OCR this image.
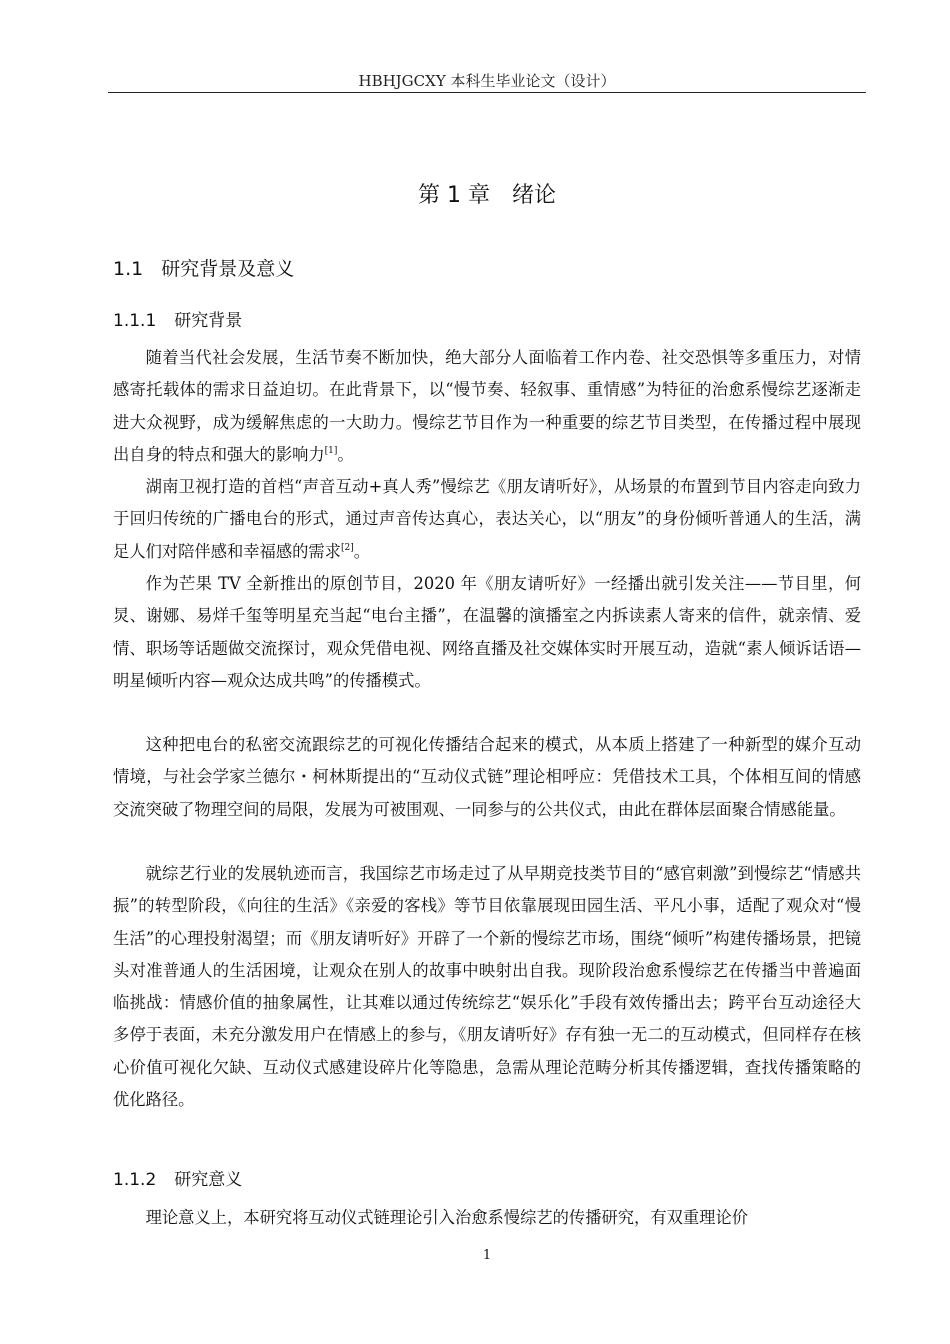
HBHJGCXY 本科生毕业论文（设计）
第 1 章　绪论
1.1 研究背景及意义
1.1.1 研究背景

随着当代社会发展，生活节奏不断加快，绝大部分人面临着工作内卷、社交恐惧等多重压力，对情感寄托载体的需求日益迫切。在此背景下，以“慢节奏、轻叙事、重情感”为特征的治愈系慢综艺逐渐走进大众视野，成为缓解焦虑的一大助力。慢综艺节目作为一种重要的综艺节目类型，在传播过程中展现出自身的特点和强大的影响力[1]。

湖南卫视打造的首档“声音互动+真人秀”慢综艺《朋友请听好》，从场景的布置到节目内容走向致力于回归传统的广播电台的形式，通过声音传达真心，表达关心，以“朋友”的身份倾听普通人的生活，满足人们对陪伴感和幸福感的需求[2]。

作为芒果 TV 全新推出的原创节目，2020 年《朋友请听好》一经播出就引发关注——节目里，何炅、谢娜、易烊千玺等明星充当起“电台主播”，在温馨的演播室之内拆读素人寄来的信件，就亲情、爱情、职场等话题做交流探讨，观众凭借电视、网络直播及社交媒体实时开展互动，造就“素人倾诉话语—明星倾听内容—观众达成共鸣”的传播模式。

这种把电台的私密交流跟综艺的可视化传播结合起来的模式，从本质上搭建了一种新型的媒介互动情境，与社会学家兰德尔・柯林斯提出的“互动仪式链”理论相呼应：凭借技术工具，个体相互间的情感交流突破了物理空间的局限，发展为可被围观、一同参与的公共仪式，由此在群体层面聚合情感能量。

就综艺行业的发展轨迹而言，我国综艺市场走过了从早期竞技类节目的“感官刺激”到慢综艺“情感共振”的转型阶段，《向往的生活》《亲爱的客栈》等节目依靠展现田园生活、平凡小事，适配了观众对“慢生活”的心理投射渴望；而《朋友请听好》开辟了一个新的慢综艺市场，围绕“倾听”构建传播场景，把镜头对准普通人的生活困境，让观众在别人的故事中映射出自我。现阶段治愈系慢综艺在传播当中普遍面临挑战：情感价值的抽象属性，让其难以通过传统综艺“娱乐化”手段有效传播出去；跨平台互动途径大多停于表面，未充分激发用户在情感上的参与，《朋友请听好》存有独一无二的互动模式，但同样存在核心价值可视化欠缺、互动仪式感建设碎片化等隐患，急需从理论范畴分析其传播逻辑，查找传播策略的优化路径。

1.1.2 研究意义

理论意义上，本研究将互动仪式链理论引入治愈系慢综艺的传播研究，有双重理论价

1
